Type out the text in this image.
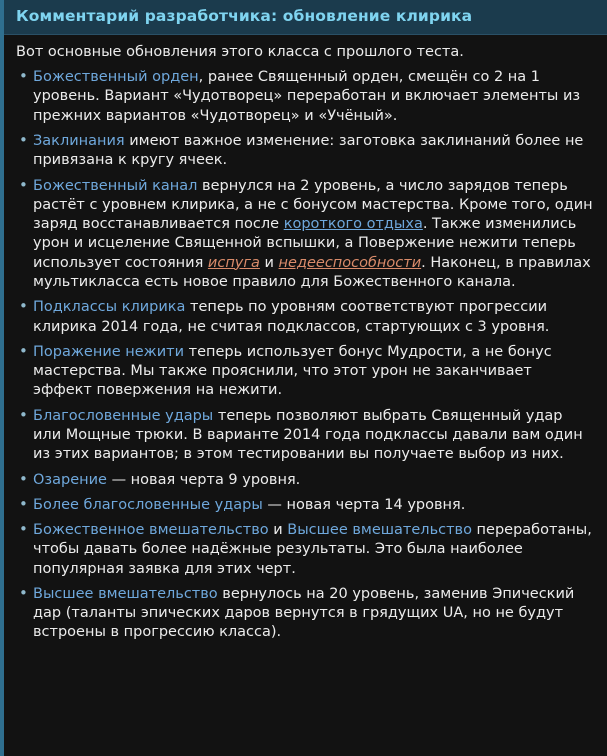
Комментарий разработчика: обновление клирика
Вот основные обновления этого класса с прошлого теста.
• Божественный орден, ранее Священный орден, смещён со 2 на 1 уровень. Вариант «Чудотворец» переработан и включает элементы из прежних вариантов «Чудотворец» и «Учёный».
• Заклинания имеют важное изменение: заготовка заклинаний более не привязана к кругу ячеек.
• Божественный канал вернулся на 2 уровень, а число зарядов теперь растёт с уровнем клирика, а не с бонусом мастерства. Кроме того, один заряд восстанавливается после короткого отдыха. Также изменились урон и исцеление Священной вспышки, а Повержение нежити теперь использует состояния испуга и недееспособности. Наконец, в правилах мультикласса есть новое правило для Божественного канала.
• Подклассы клирика теперь по уровням соответствуют прогрессии клирика 2014 года, не считая подклассов, стартующих с 3 уровня.
• Поражение нежити теперь использует бонус Мудрости, а не бонус мастерства. Мы также прояснили, что этот урон не заканчивает эффект повержения на нежити.
• Благословенные удары теперь позволяют выбрать Священный удар или Мощные трюки. В варианте 2014 года подклассы давали вам один из этих вариантов; в этом тестировании вы получаете выбор из них.
• Озарение — новая черта 9 уровня.
• Более благословенные удары — новая черта 14 уровня.
• Божественное вмешательство и Высшее вмешательство переработаны, чтобы давать более надёжные результаты. Это была наиболее популярная заявка для этих черт.
• Высшее вмешательство вернулось на 20 уровень, заменив Эпический дар (таланты эпических даров вернутся в грядущих UA, но не будут встроены в прогрессию класса).
